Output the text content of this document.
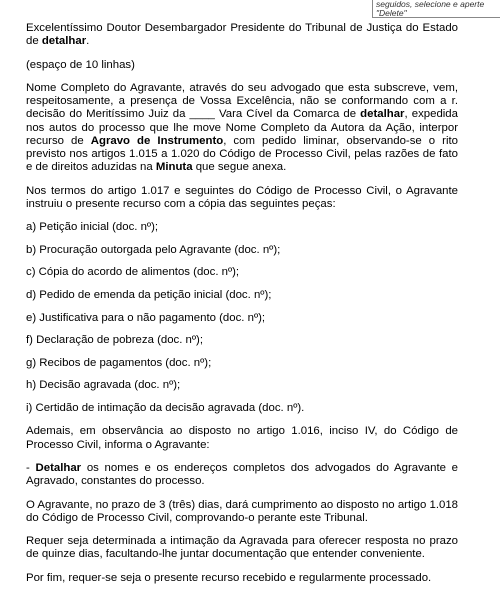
seguidos, selecione e aperte
"Delete"

Excelentíssimo Doutor Desembargador Presidente do Tribunal de Justiça do Estado de detalhar.

(espaço de 10 linhas)

Nome Completo do Agravante, através do seu advogado que esta subscreve, vem, respeitosamente, a presença de Vossa Excelência, não se conformando com a r. decisão do Meritíssimo Juiz da ____ Vara Cível da Comarca de detalhar, expedida nos autos do processo que lhe move Nome Completo da Autora da Ação, interpor recurso de Agravo de Instrumento, com pedido liminar, observando-se o rito previsto nos artigos 1.015 a 1.020 do Código de Processo Civil, pelas razões de fato e de direitos aduzidas na Minuta que segue anexa.

Nos termos do artigo 1.017 e seguintes do Código de Processo Civil, o Agravante instruiu o presente recurso com a cópia das seguintes peças:

a) Petição inicial (doc. nº);

b) Procuração outorgada pelo Agravante (doc. nº);

c) Cópia do acordo de alimentos (doc. nº);

d) Pedido de emenda da petição inicial (doc. nº);

e) Justificativa para o não pagamento (doc. nº);

f) Declaração de pobreza (doc. nº);

g) Recibos de pagamentos (doc. nº);

h) Decisão agravada (doc. nº);

i) Certidão de intimação da decisão agravada (doc. nº).

Ademais, em observância ao disposto no artigo 1.016, inciso IV, do Código de Processo Civil, informa o Agravante:

- Detalhar os nomes e os endereços completos dos advogados do Agravante e Agravado, constantes do processo.

O Agravante, no prazo de 3 (três) dias, dará cumprimento ao disposto no artigo 1.018 do Código de Processo Civil, comprovando-o perante este Tribunal.

Requer seja determinada a intimação da Agravada para oferecer resposta no prazo de quinze dias, facultando-lhe juntar documentação que entender conveniente.

Por fim, requer-se seja o presente recurso recebido e regularmente processado.
